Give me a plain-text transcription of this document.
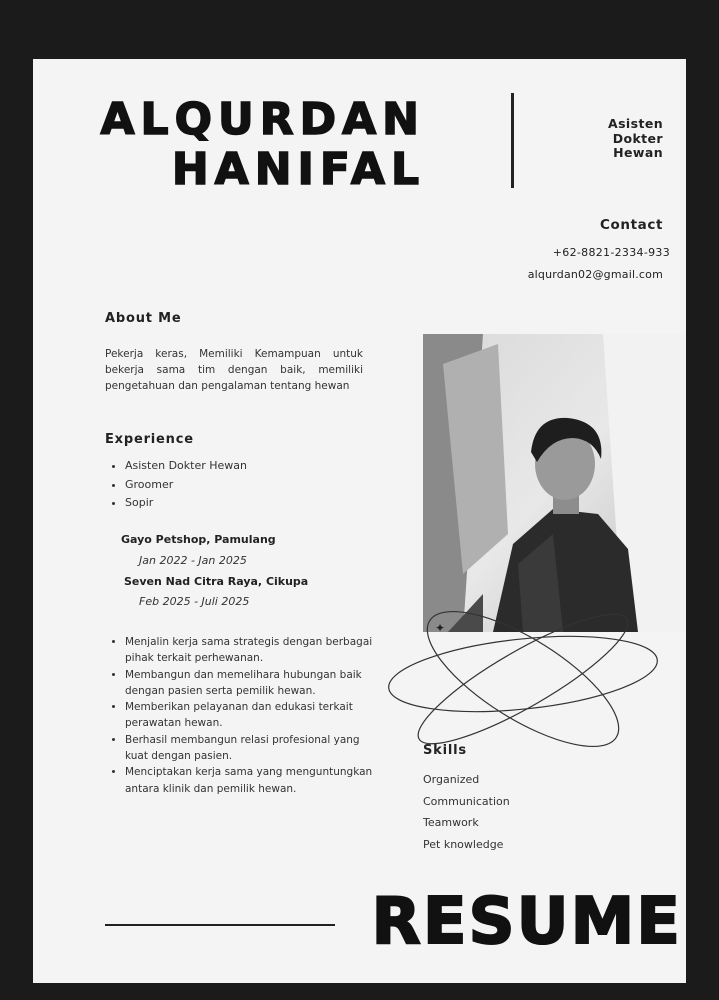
ALQURDAN
HANIFAL
Asisten
Dokter
Hewan
Contact
+62-8821-2334-933
alqurdan02@gmail.com
About Me
Pekerja keras, Memiliki Kemampuan untuk bekerja sama tim dengan baik, memiliki pengetahuan dan pengalaman tentang hewan
Experience
• Asisten Dokter Hewan
• Groomer
• Sopir
Gayo Petshop, Pamulang
Jan 2022 - Jan 2025
Seven Nad Citra Raya, Cikupa
Feb 2025 - Juli 2025
• Menjalin kerja sama strategis dengan berbagai pihak terkait perhewanan.
• Membangun dan memelihara hubungan baik dengan pasien serta pemilik hewan.
• Memberikan pelayanan dan edukasi terkait perawatan hewan.
• Berhasil membangun relasi profesional yang kuat dengan pasien.
• Menciptakan kerja sama yang menguntungkan antara klinik dan pemilik hewan.
✦
Skills
Organized
Communication
Teamwork
Pet knowledge
RESUME
